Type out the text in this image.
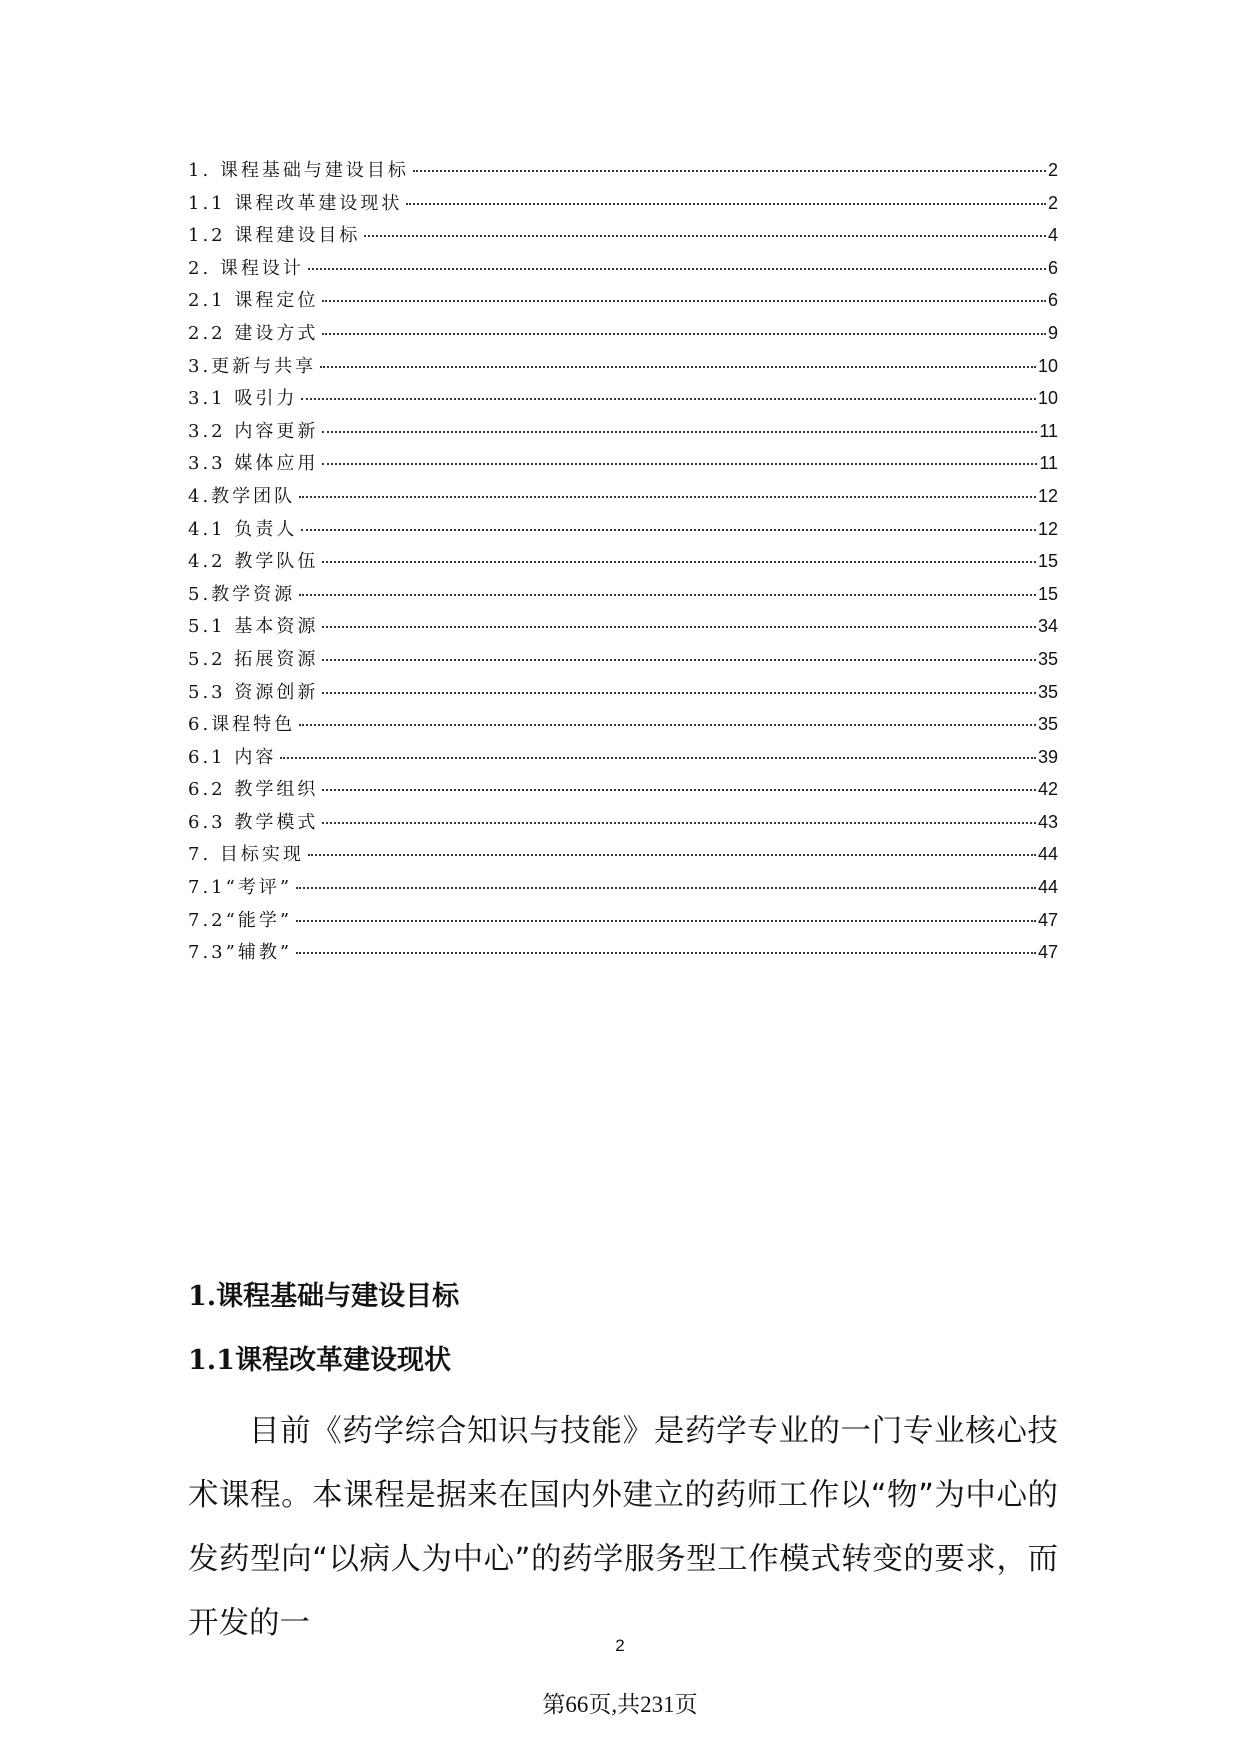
1. 课程基础与建设目标	2
1.1 课程改革建设现状	2
1.2 课程建设目标	4
2. 课程设计	6
2.1 课程定位	6
2.2 建设方式	9
3.更新与共享	10
3.1 吸引力	10
3.2 内容更新	11
3.3 媒体应用	11
4.教学团队	12
4.1 负责人	12
4.2 教学队伍	15
5.教学资源	15
5.1 基本资源	34
5.2 拓展资源	35
5.3 资源创新	35
6.课程特色	35
6.1 内容	39
6.2 教学组织	42
6.3 教学模式	43
7. 目标实现	44
7.1“考评”	44
7.2“能学”	47
7.3”辅教”	47
1.课程基础与建设目标
1.1课程改革建设现状
目前《药学综合知识与技能》是药学专业的一门专业核心技术课程。本课程是据来在国内外建立的药师工作以“物”为中心的发药型向“以病人为中心”的药学服务型工作模式转变的要求，而开发的一
2
第66页,共231页
